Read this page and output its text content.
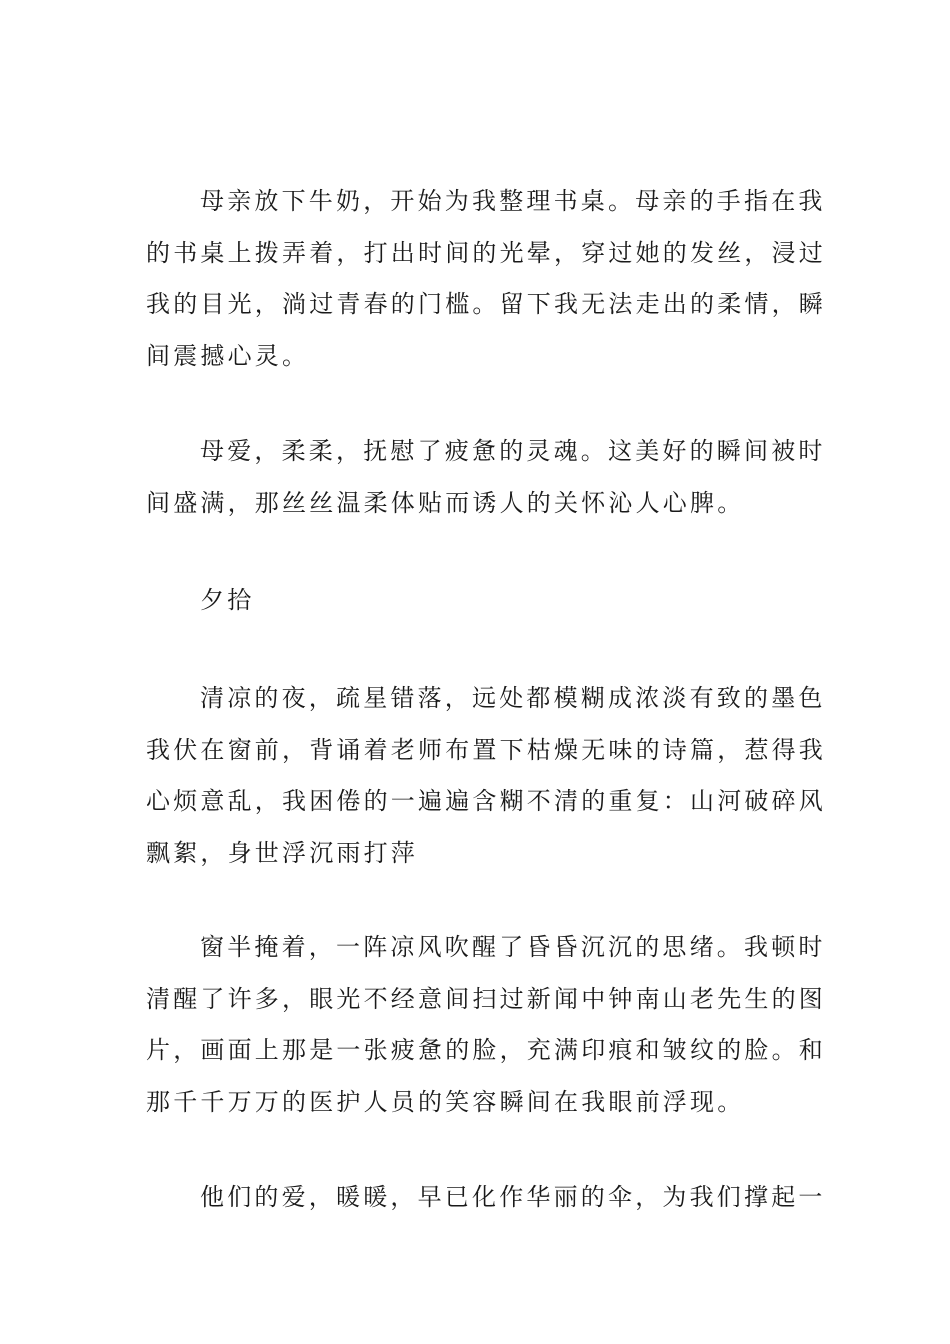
母亲放下牛奶，开始为我整理书桌。母亲的手指在我
的书桌上拨弄着，打出时间的光晕，穿过她的发丝，浸过
我的目光，淌过青春的门槛。留下我无法走出的柔情，瞬
间震撼心灵。

母爱，柔柔，抚慰了疲惫的灵魂。这美好的瞬间被时
间盛满，那丝丝温柔体贴而诱人的关怀沁人心脾。

夕拾

清凉的夜，疏星错落，远处都模糊成浓淡有致的墨色
我伏在窗前，背诵着老师布置下枯燥无味的诗篇，惹得我
心烦意乱，我困倦的一遍遍含糊不清的重复：山河破碎风
飘絮，身世浮沉雨打萍

窗半掩着，一阵凉风吹醒了昏昏沉沉的思绪。我顿时
清醒了许多，眼光不经意间扫过新闻中钟南山老先生的图
片，画面上那是一张疲惫的脸，充满印痕和皱纹的脸。和
那千千万万的医护人员的笑容瞬间在我眼前浮现。

他们的爱，暖暖，早已化作华丽的伞，为我们撑起一
